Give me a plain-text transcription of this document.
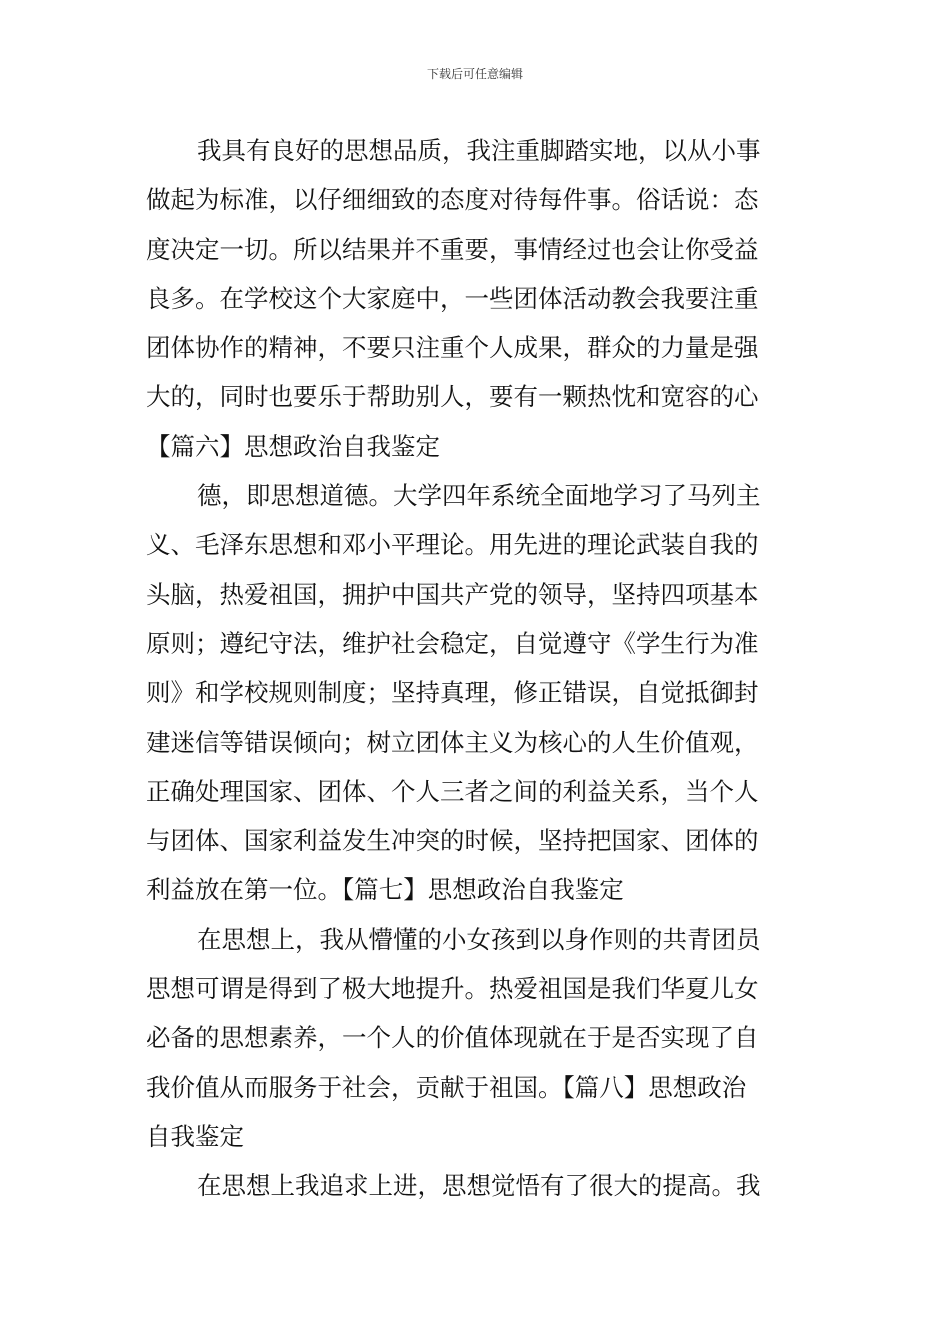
下载后可任意编辑
我具有良好的思想品质，我注重脚踏实地，以从小事
做起为标准，以仔细细致的态度对待每件事。俗话说：态
度决定一切。所以结果并不重要，事情经过也会让你受益
良多。在学校这个大家庭中，一些团体活动教会我要注重
团体协作的精神，不要只注重个人成果，群众的力量是强
大的，同时也要乐于帮助别人，要有一颗热忱和宽容的心
【篇六】思想政治自我鉴定
德，即思想道德。大学四年系统全面地学习了马列主
义、毛泽东思想和邓小平理论。用先进的理论武装自我的
头脑，热爱祖国，拥护中国共产党的领导，坚持四项基本
原则；遵纪守法，维护社会稳定，自觉遵守《学生行为准
则》和学校规则制度；坚持真理，修正错误，自觉抵御封
建迷信等错误倾向；树立团体主义为核心的人生价值观，
正确处理国家、团体、个人三者之间的利益关系，当个人
与团体、国家利益发生冲突的时候，坚持把国家、团体的
利益放在第一位。【篇七】思想政治自我鉴定
在思想上，我从懵懂的小女孩到以身作则的共青团员
思想可谓是得到了极大地提升。热爱祖国是我们华夏儿女
必备的思想素养，一个人的价值体现就在于是否实现了自
我价值从而服务于社会，贡献于祖国。【篇八】思想政治
自我鉴定
在思想上我追求上进，思想觉悟有了很大的提高。我
